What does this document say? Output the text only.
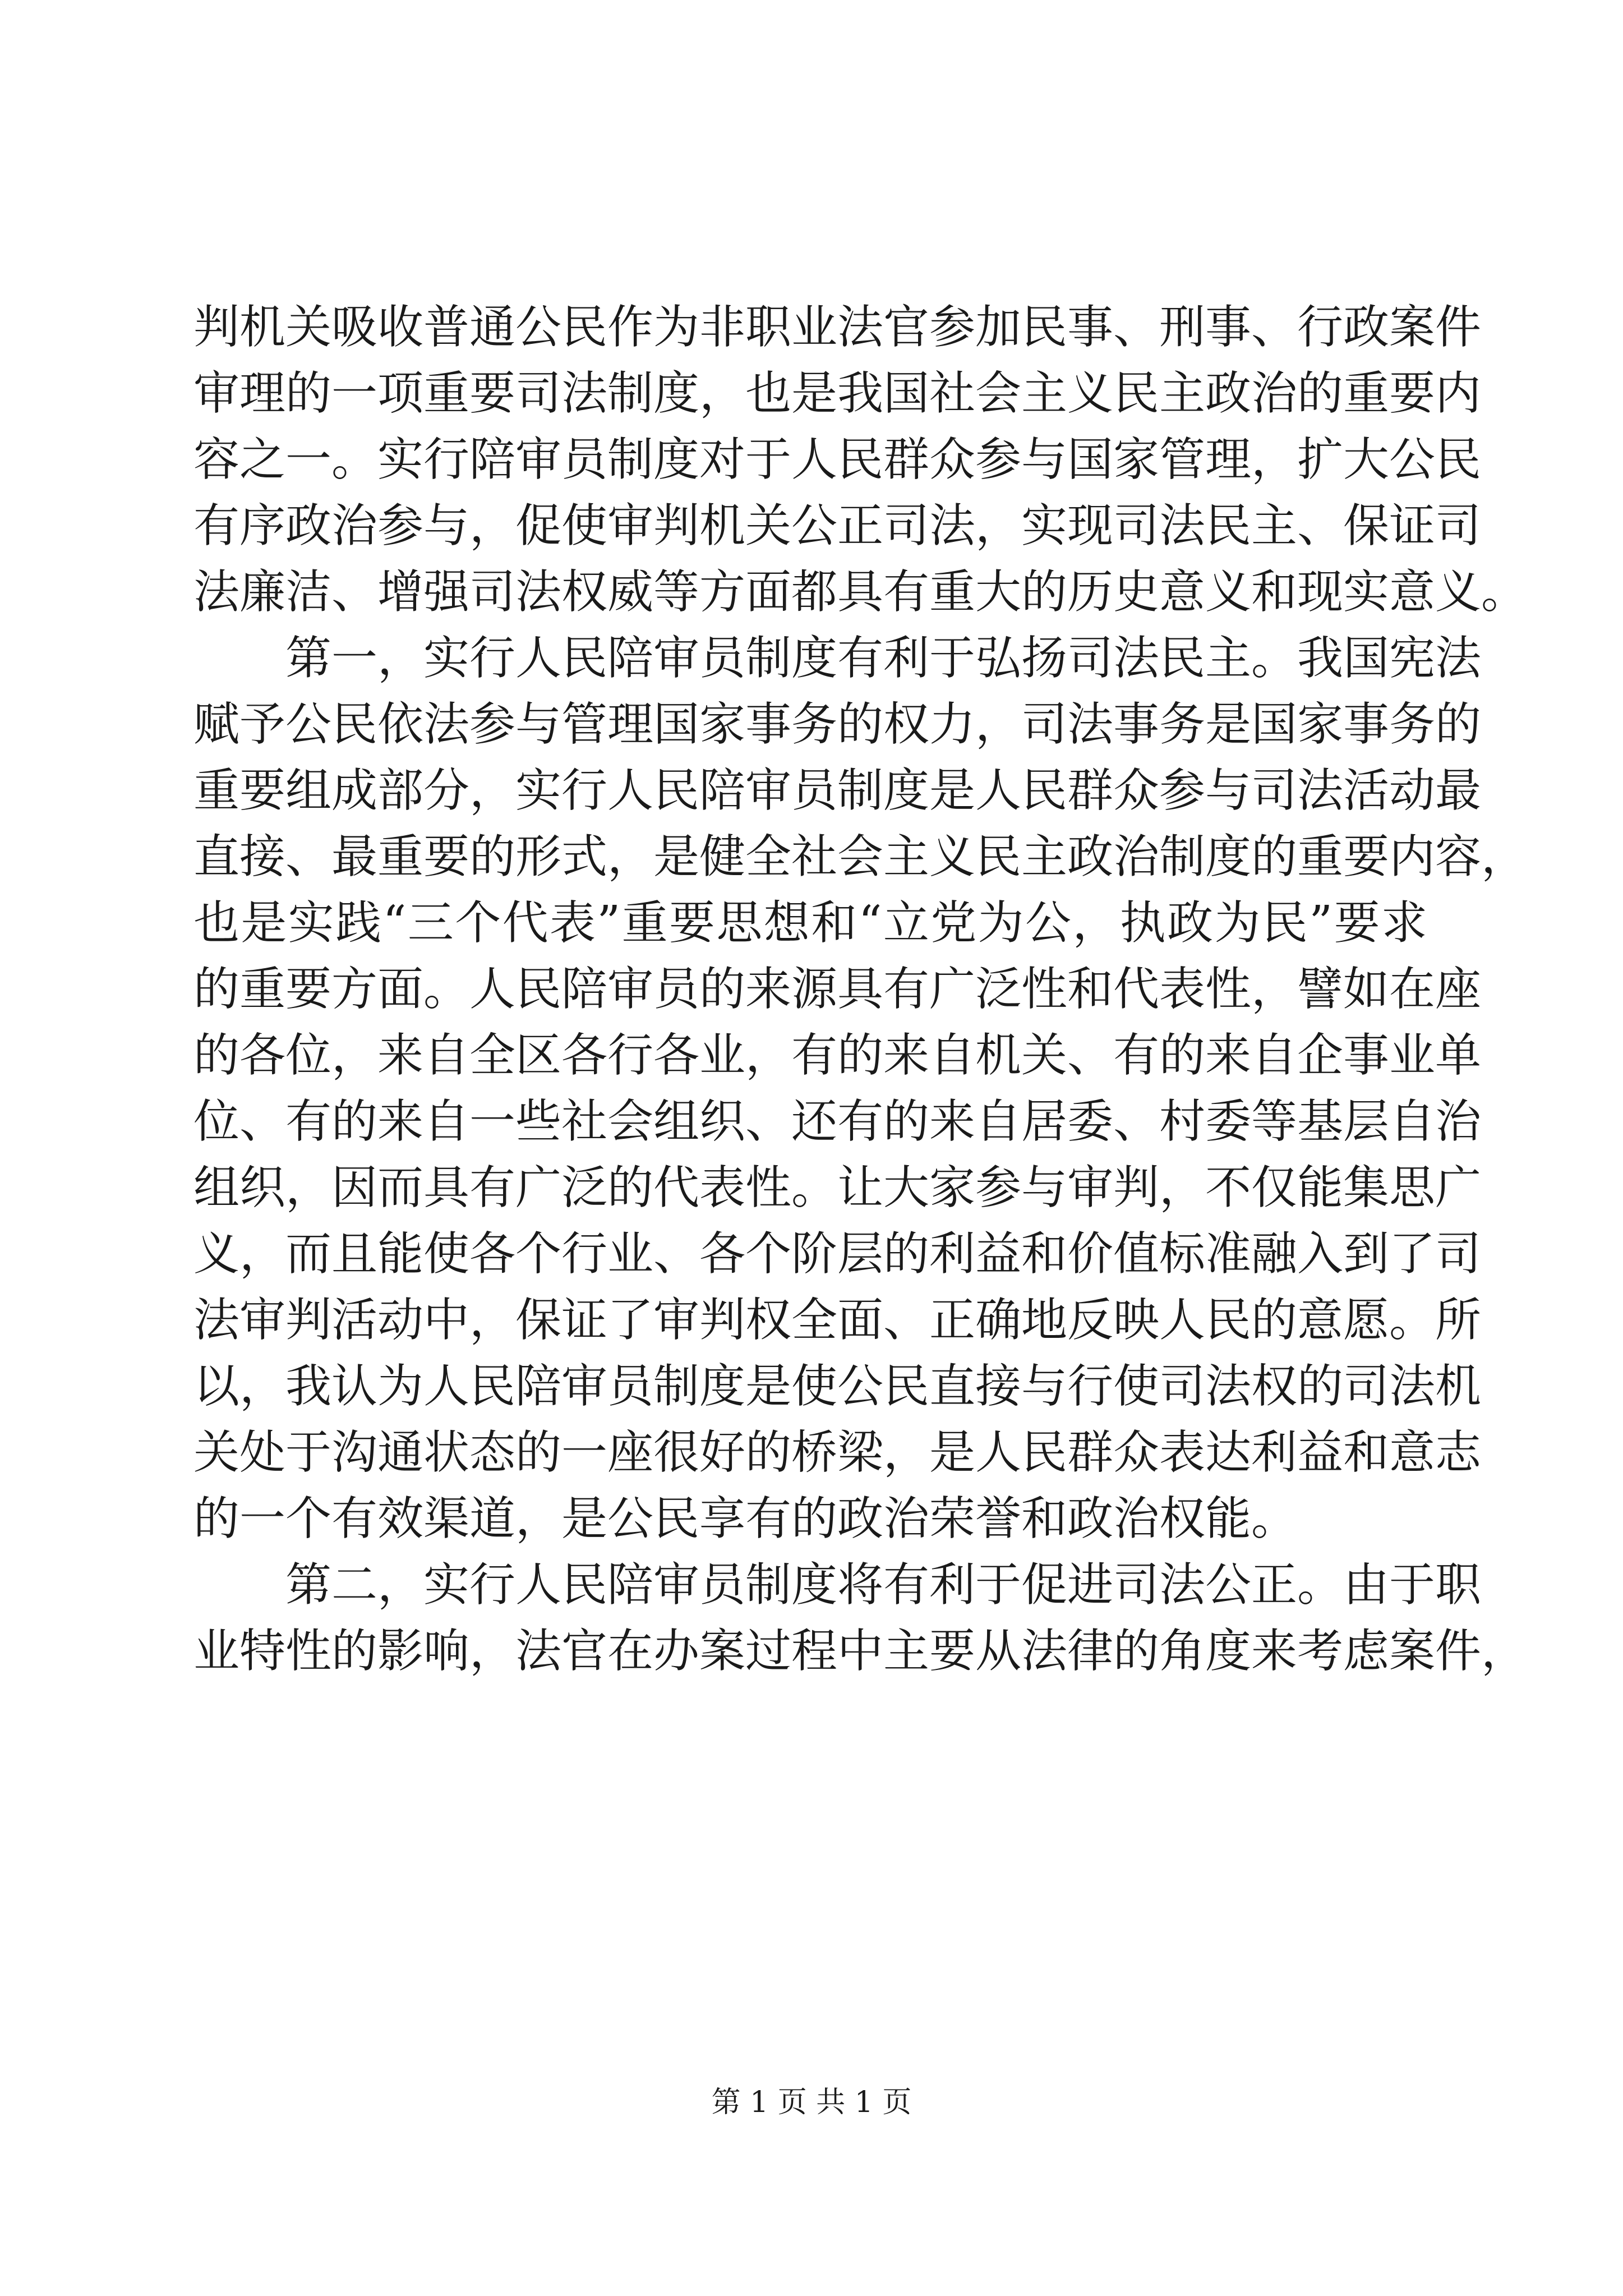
判机关吸收普通公民作为非职业法官参加民事、刑事、行政案件
审理的一项重要司法制度，也是我国社会主义民主政治的重要内
容之一。实行陪审员制度对于人民群众参与国家管理，扩大公民
有序政治参与，促使审判机关公正司法，实现司法民主、保证司
法廉洁、增强司法权威等方面都具有重大的历史意义和现实意义。
第一，实行人民陪审员制度有利于弘扬司法民主。我国宪法
赋予公民依法参与管理国家事务的权力，司法事务是国家事务的
重要组成部分，实行人民陪审员制度是人民群众参与司法活动最
直接、最重要的形式，是健全社会主义民主政治制度的重要内容，
也是实践“三个代表”重要思想和“立党为公，执政为民”要求
的重要方面。人民陪审员的来源具有广泛性和代表性，譬如在座
的各位，来自全区各行各业，有的来自机关、有的来自企事业单
位、有的来自一些社会组织、还有的来自居委、村委等基层自治
组织，因而具有广泛的代表性。让大家参与审判，不仅能集思广
义，而且能使各个行业、各个阶层的利益和价值标准融入到了司
法审判活动中，保证了审判权全面、正确地反映人民的意愿。所
以，我认为人民陪审员制度是使公民直接与行使司法权的司法机
关处于沟通状态的一座很好的桥梁，是人民群众表达利益和意志
的一个有效渠道，是公民享有的政治荣誉和政治权能。
第二，实行人民陪审员制度将有利于促进司法公正。由于职
业特性的影响，法官在办案过程中主要从法律的角度来考虑案件，
第 1 页 共 1 页
